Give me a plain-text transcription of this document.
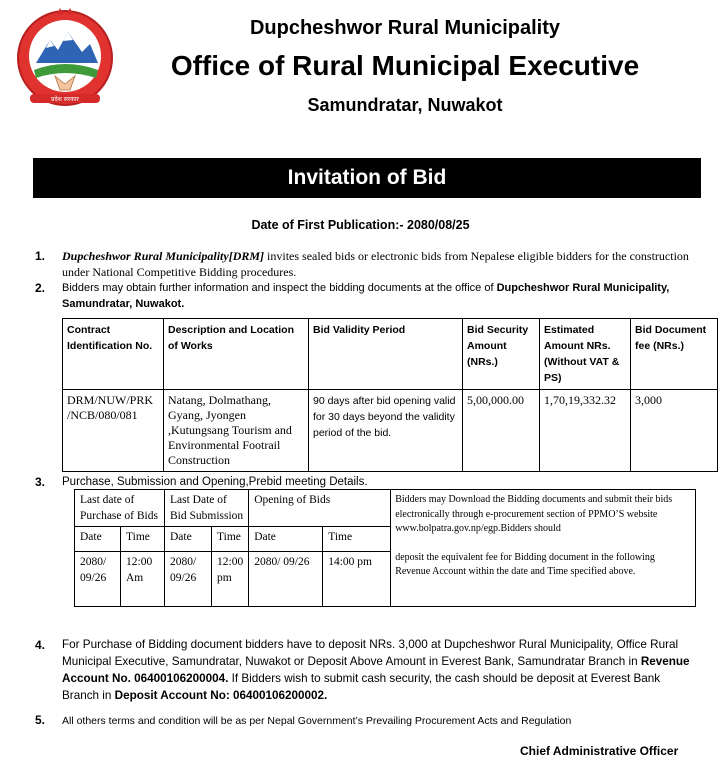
प्रदेश सरकार
Dupcheshwor Rural Municipality
Office of Rural Municipal Executive
Samundratar, Nuwakot
Invitation of Bid
Date of First Publication:- 2080/08/25
1. Dupcheshwor Rural Municipality[DRM] invites sealed bids or electronic bids from Nepalese eligible bidders for the construction under National Competitive Bidding procedures.
2. Bidders may obtain further information and inspect the bidding documents at the office of Dupcheshwor Rural Municipality, Samundratar, Nuwakot.
Contract Identification No.	Description and Location of Works	Bid Validity Period	Bid Security Amount (NRs.)	Estimated Amount NRs. (Without VAT & PS)	Bid Document fee (NRs.)
DRM/NUW/PRK /NCB/080/081	Natang, Dolmathang, Gyang, Jyongen ,Kutungsang Tourism and Environmental Footrail Construction	90 days after bid opening valid for 30 days beyond the validity period of the bid.	5,00,000.00	1,70,19,332.32	3,000
3. Purchase, Submission and Opening,Prebid meeting Details.
Last date of Purchase of Bids		Last Date of Bid Submission		Opening of Bids		Bidders may Download the Bidding documents and submit their bids electronically through e-procurement section of PPMO’S website www.bolpatra.gov.np/egp.Bidders should
deposit the equivalent fee for Bidding document in the following Revenue Account within the date and Time specified above.

Date	Time	Date	Time	Date	Time	
2080/ 09/26	12:00 Am	2080/ 09/26	12:00 pm	2080/ 09/26	14:00 pm	
4. For Purchase of Bidding document bidders have to deposit NRs. 3,000 at Dupcheshwor Rural Municipality, Office Rural Municipal Executive, Samundratar, Nuwakot or Deposit Above Amount in Everest Bank, Samundratar Branch in Revenue Account No. 06400106200004. If Bidders wish to submit cash security, the cash should be deposit at Everest Bank Branch in Deposit Account No: 06400106200002.
5. All others terms and condition will be as per Nepal Government’s Prevailing Procurement Acts and Regulation
Chief Administrative Officer
